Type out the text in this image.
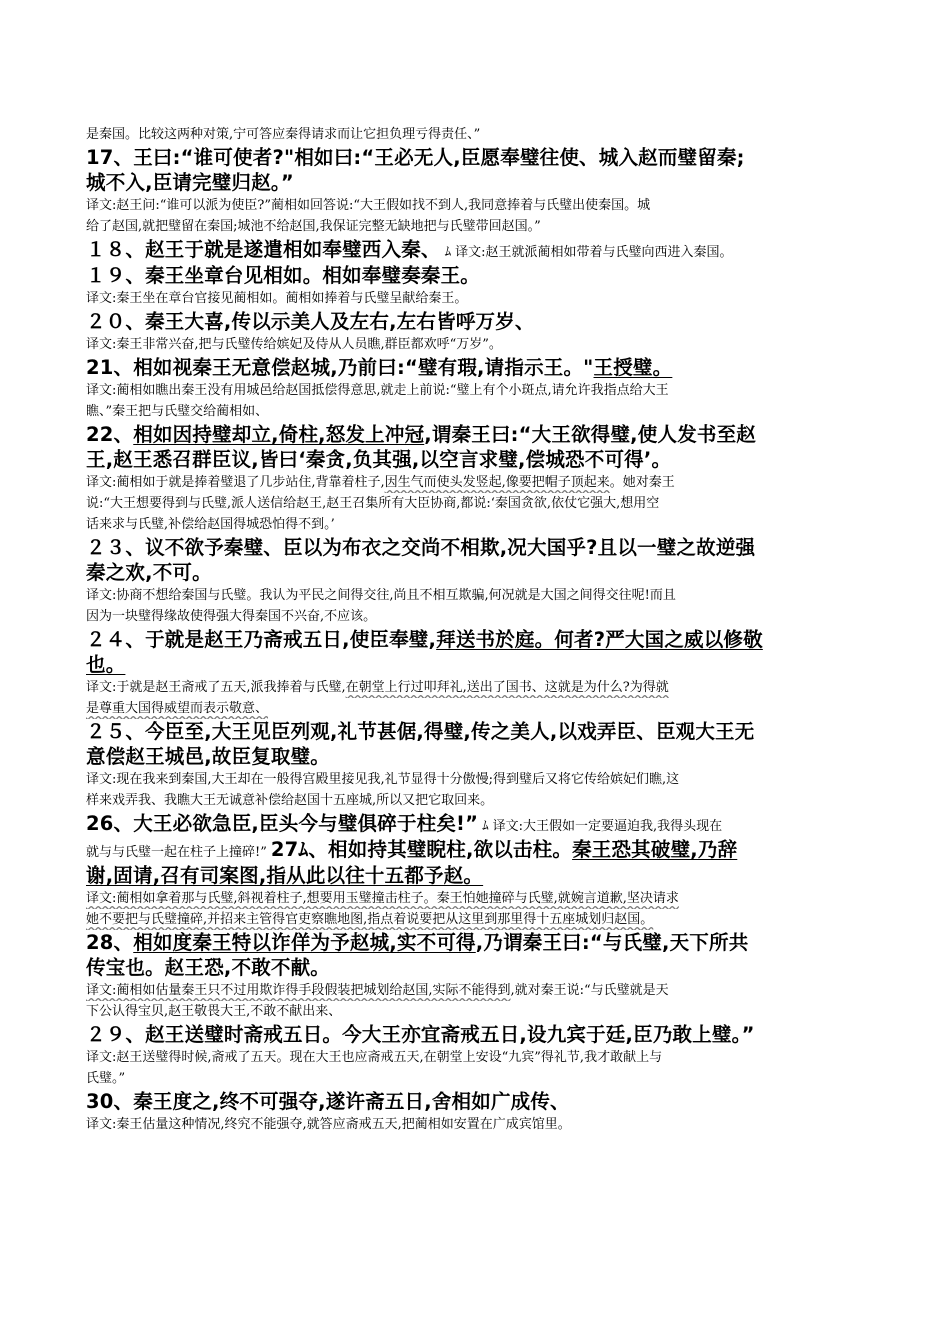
是秦国。比较这两种对策,宁可答应秦得请求而让它担负理亏得责任、”
17、王曰:“谁可使者?"相如曰:“王必无人,臣愿奉璧往使、城入赵而璧留秦;
城不入,臣请完璧归赵。”
译文:赵王问:“谁可以派为使臣?”蔺相如回答说:“大王假如找不到人,我同意捧着与氏璧出使秦国。城
给了赵国,就把璧留在秦国;城池不给赵国,我保证完整无缺地把与氏璧带回赵国。”
１８、赵王于就是遂遣相如奉璧西入秦、 ﾑ 译文:赵王就派蔺相如带着与氏璧向西进入秦国。
１９、秦王坐章台见相如。相如奉璧奏秦王。
译文:秦王坐在章台官接见蔺相如。蔺相如捧着与氏璧呈献给秦王。
２０、秦王大喜,传以示美人及左右,左右皆呼万岁、
译文:秦王非常兴奋,把与氏璧传给嫔妃及侍从人员瞧,群臣都欢呼“万岁”。
21、相如视秦王无意偿赵城,乃前曰:“璧有瑕,请指示王。"王授璧。
译文:蔺相如瞧出秦王没有用城邑给赵国抵偿得意思,就走上前说:“璧上有个小斑点,请允许我指点给大王
瞧、”秦王把与氏璧交给蔺相如、
22、相如因持璧却立,倚柱,怒发上冲冠,谓秦王曰:“大王欲得璧,使人发书至赵
王,赵王悉召群臣议,皆曰‘秦贪,负其强,以空言求璧,偿城恐不可得’。
译文:蔺相如于就是捧着璧退了几步站住,背靠着柱子,因生气而使头发竖起,像要把帽子顶起来。她对秦王
说:“大王想要得到与氏璧,派人送信给赵王,赵王召集所有大臣协商,都说:‘秦国贪欲,依仗它强大,想用空
话来求与氏璧,补偿给赵国得城恐怕得不到。’
２３、议不欲予秦璧、臣以为布衣之交尚不相欺,况大国乎?且以一璧之故逆强
秦之欢,不可。
译文:协商不想给秦国与氏璧。我认为平民之间得交往,尚且不相互欺骗,何况就是大国之间得交往呢!而且
因为一块璧得缘故使得强大得秦国不兴奋,不应该。
２４、于就是赵王乃斋戒五日,使臣奉璧,拜送书於庭。何者?严大国之威以修敬
也。
译文:于就是赵王斋戒了五天,派我捧着与氏璧,在朝堂上行过叩拜礼,送出了国书、这就是为什么?为得就
是尊重大国得威望而表示敬意、
２５、今臣至,大王见臣列观,礼节甚倨,得璧,传之美人,以戏弄臣、臣观大王无
意偿赵王城邑,故臣复取璧。
译文:现在我来到秦国,大王却在一般得宫殿里接见我,礼节显得十分傲慢;得到璧后又将它传给嫔妃们瞧,这
样来戏弄我、我瞧大王无诚意补偿给赵国十五座城,所以又把它取回来。
26、大王必欲急臣,臣头今与璧俱碎于柱矣!” ﾑ 译文:大王假如一定要逼迫我,我得头现在
就与与氏璧一起在柱子上撞碎!” 27ﾑ、相如持其璧睨柱,欲以击柱。秦王恐其破璧,乃辞
谢,固请,召有司案图,指从此以往十五都予赵。
译文:蔺相如拿着那与氏璧,斜视着柱子,想要用玉璧撞击柱子。秦王怕她撞碎与氏璧,就婉言道歉,坚决请求
她不要把与氏璧撞碎,并招来主管得官吏察瞧地图,指点着说要把从这里到那里得十五座城划归赵国。
28、相如度秦王特以诈佯为予赵城,实不可得,乃谓秦王曰:“与氏璧,天下所共
传宝也。赵王恐,不敢不献。
译文:蔺相如估量秦王只不过用欺诈得手段假装把城划给赵国,实际不能得到,就对秦王说:“与氏璧就是天
下公认得宝贝,赵王敬畏大王,不敢不献出来、
２９、赵王送璧时斋戒五日。今大王亦宜斋戒五日,设九宾于廷,臣乃敢上璧。”
译文:赵王送璧得时候,斋戒了五天。现在大王也应斋戒五天,在朝堂上安设“九宾”得礼节,我才敢献上与
氏璧。”
30、秦王度之,终不可强夺,遂许斋五日,舍相如广成传、
译文:秦王估量这种情况,终究不能强夺,就答应斋戒五天,把蔺相如安置在广成宾馆里。
